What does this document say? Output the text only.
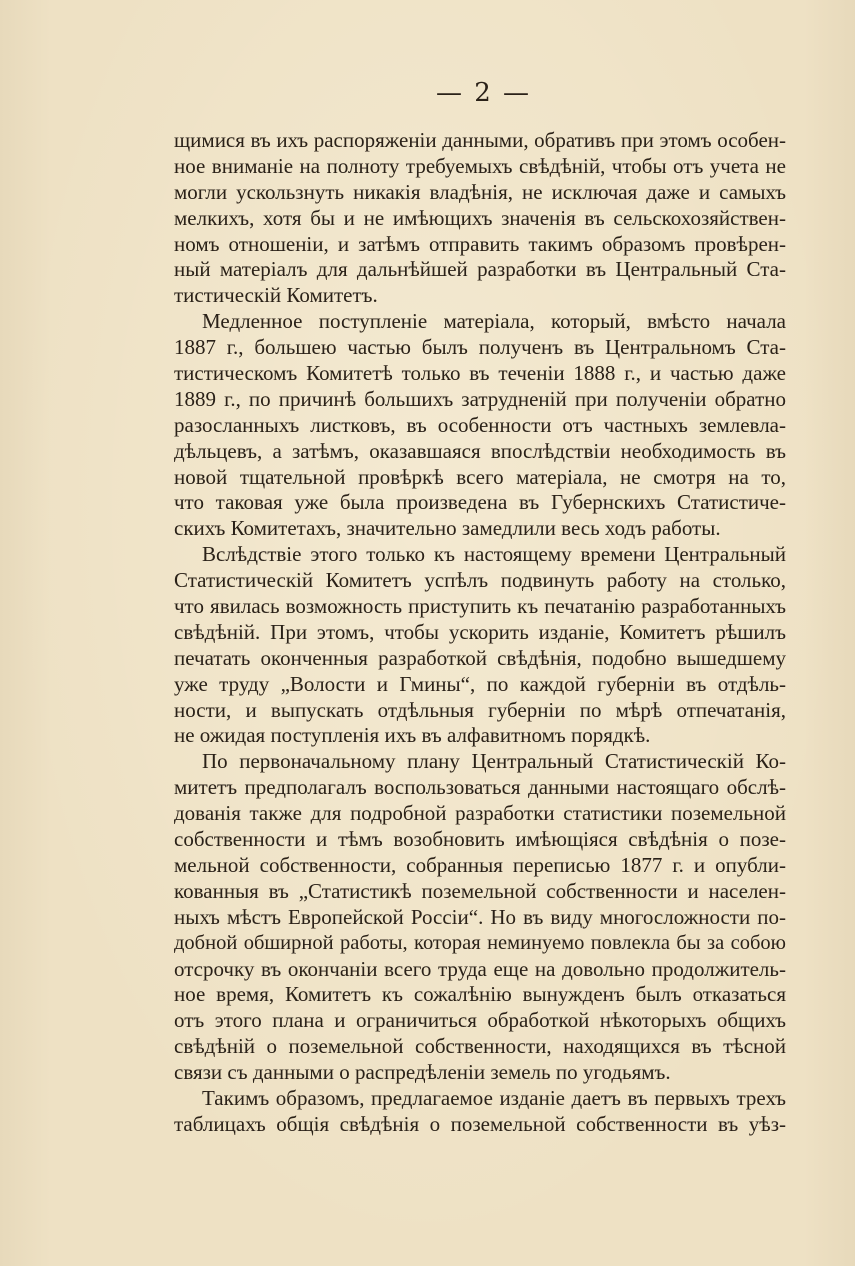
— 2 —
щимися въ ихъ распоряженіи данными, обративъ при этомъ особен-
ное вниманіе на полноту требуемыхъ свѣдѣній, чтобы отъ учета не
могли ускользнуть никакія владѣнія, не исключая даже и самыхъ
мелкихъ, хотя бы и не имѣющихъ значенія въ сельскохозяйствен-
номъ отношеніи, и затѣмъ отправить такимъ образомъ провѣрен-
ный матеріалъ для дальнѣйшей разработки въ Центральный Ста-
тистическій Комитетъ.
Медленное поступленіе матеріала, который, вмѣсто начала
1887 г., большею частью былъ полученъ въ Центральномъ Ста-
тистическомъ Комитетѣ только въ теченіи 1888 г., и частью даже
1889 г., по причинѣ большихъ затрудненій при полученіи обратно
разосланныхъ листковъ, въ особенности отъ частныхъ землевла-
дѣльцевъ, а затѣмъ, оказавшаяся впослѣдствіи необходимость въ
новой тщательной провѣркѣ всего матеріала, не смотря на то,
что таковая уже была произведена въ Губернскихъ Статистиче-
скихъ Комитетахъ, значительно замедлили весь ходъ работы.
Вслѣдствіе этого только къ настоящему времени Центральный
Статистическій Комитетъ успѣлъ подвинуть работу на столько,
что явилась возможность приступить къ печатанію разработанныхъ
свѣдѣній. При этомъ, чтобы ускорить изданіе, Комитетъ рѣшилъ
печатать оконченныя разработкой свѣдѣнія, подобно вышедшему
уже труду „Волости и Гмины“, по каждой губерніи въ отдѣль-
ности, и выпускать отдѣльныя губерніи по мѣрѣ отпечатанія,
не ожидая поступленія ихъ въ алфавитномъ порядкѣ.
По первоначальному плану Центральный Статистическій Ко-
митетъ предполагалъ воспользоваться данными настоящаго обслѣ-
дованія также для подробной разработки статистики поземельной
собственности и тѣмъ возобновить имѣющіяся свѣдѣнія о позе-
мельной собственности, собранныя переписью 1877 г. и опубли-
кованныя въ „Статистикѣ поземельной собственности и населен-
ныхъ мѣстъ Европейской Россіи“. Но въ виду многосложности по-
добной обширной работы, которая неминуемо повлекла бы за собою
отсрочку въ окончаніи всего труда еще на довольно продолжитель-
ное время, Комитетъ къ сожалѣнію вынужденъ былъ отказаться
отъ этого плана и ограничиться обработкой нѣкоторыхъ общихъ
свѣдѣній о поземельной собственности, находящихся въ тѣсной
связи съ данными о распредѣленіи земель по угодьямъ.
Такимъ образомъ, предлагаемое изданіе даетъ въ первыхъ трехъ
таблицахъ общія свѣдѣнія о поземельной собственности въ уѣз-
